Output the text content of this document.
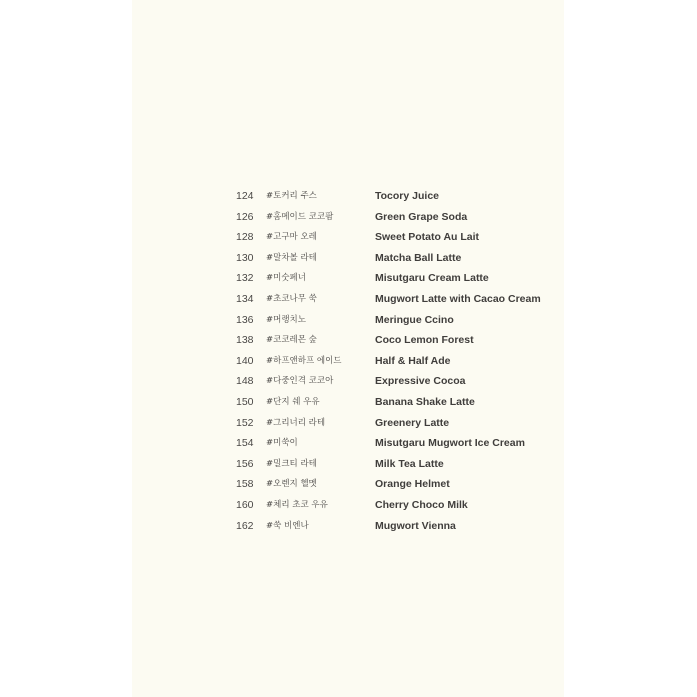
124 #토커리 주스	Tocory Juice
126 #홈메이드 코코팜	Green Grape Soda
128 #고구마 오레	Sweet Potato Au Lait
130 #말차볼 라테	Matcha Ball Latte
132 #미숫페너	Misutgaru Cream Latte
134 #초코나무 쑥	Mugwort Latte with Cacao Cream
136 #머랭치노	Meringue Ccino
138 #코코레몬 숲	Coco Lemon Forest
140 #하프앤하프 에이드	Half & Half Ade
148 #다중인격 코코아	Expressive Cocoa
150 #단지 쉐 우유	Banana Shake Latte
152 #그리너리 라테	Greenery Latte
154 #미쑥이	Misutgaru Mugwort Ice Cream
156 #밀크티 라테	Milk Tea Latte
158 #오렌지 헬멧	Orange Helmet
160 #체리 초코 우유	Cherry Choco Milk
162 #쑥 비엔나	Mugwort Vienna
